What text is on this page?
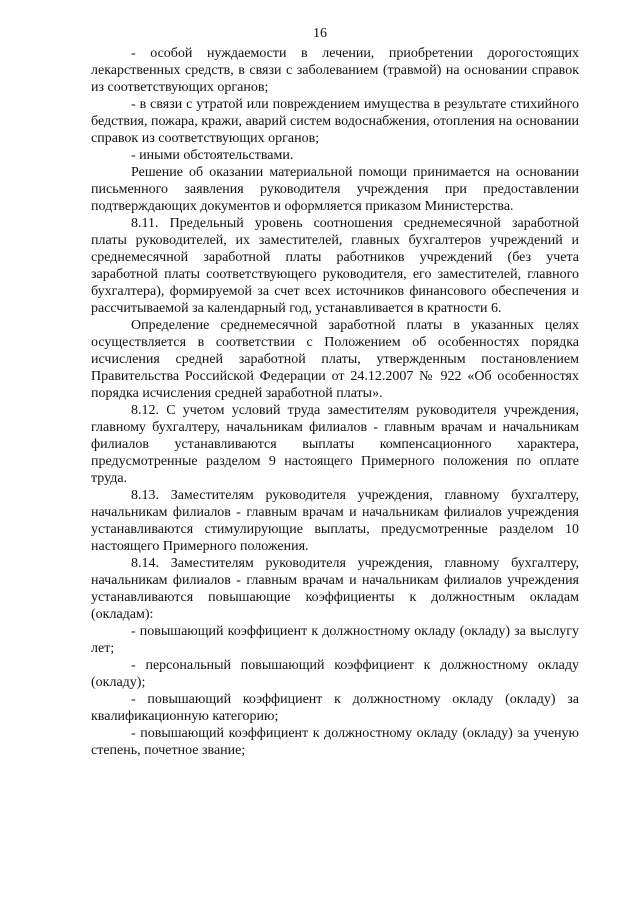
16

- особой нуждаемости в лечении, приобретении дорогостоящих лекарственных средств, в связи с заболеванием (травмой) на основании справок из соответствующих органов;

- в связи с утратой или повреждением имущества в результате стихийного бедствия, пожара, кражи, аварий систем водоснабжения, отопления на основании справок из соответствующих органов;

- иными обстоятельствами.

Решение об оказании материальной помощи принимается на основании письменного заявления руководителя учреждения при предоставлении подтверждающих документов и оформляется приказом Министерства.

8.11. Предельный уровень соотношения среднемесячной заработной платы руководителей, их заместителей, главных бухгалтеров учреждений и среднемесячной заработной платы работников учреждений (без учета заработной платы соответствующего руководителя, его заместителей, главного бухгалтера), формируемой за счет всех источников финансового обеспечения и рассчитываемой за календарный год, устанавливается в кратности 6.

Определение среднемесячной заработной платы в указанных целях осуществляется в соответствии с Положением об особенностях порядка исчисления средней заработной платы, утвержденным постановлением Правительства Российской Федерации от 24.12.2007 № 922 «Об особенностях порядка исчисления средней заработной платы».

8.12. С учетом условий труда заместителям руководителя учреждения, главному бухгалтеру, начальникам филиалов - главным врачам и начальникам филиалов устанавливаются выплаты компенсационного характера, предусмотренные разделом 9 настоящего Примерного положения по оплате труда.

8.13. Заместителям руководителя учреждения, главному бухгалтеру, начальникам филиалов - главным врачам и начальникам филиалов учреждения устанавливаются стимулирующие выплаты, предусмотренные разделом 10 настоящего Примерного положения.

8.14. Заместителям руководителя учреждения, главному бухгалтеру, начальникам филиалов - главным врачам и начальникам филиалов учреждения устанавливаются повышающие коэффициенты к должностным окладам (окладам):

- повышающий коэффициент к должностному окладу (окладу) за выслугу лет;

- персональный повышающий коэффициент к должностному окладу (окладу);

- повышающий коэффициент к должностному окладу (окладу) за квалификационную категорию;

- повышающий коэффициент к должностному окладу (окладу) за ученую степень, почетное звание;
